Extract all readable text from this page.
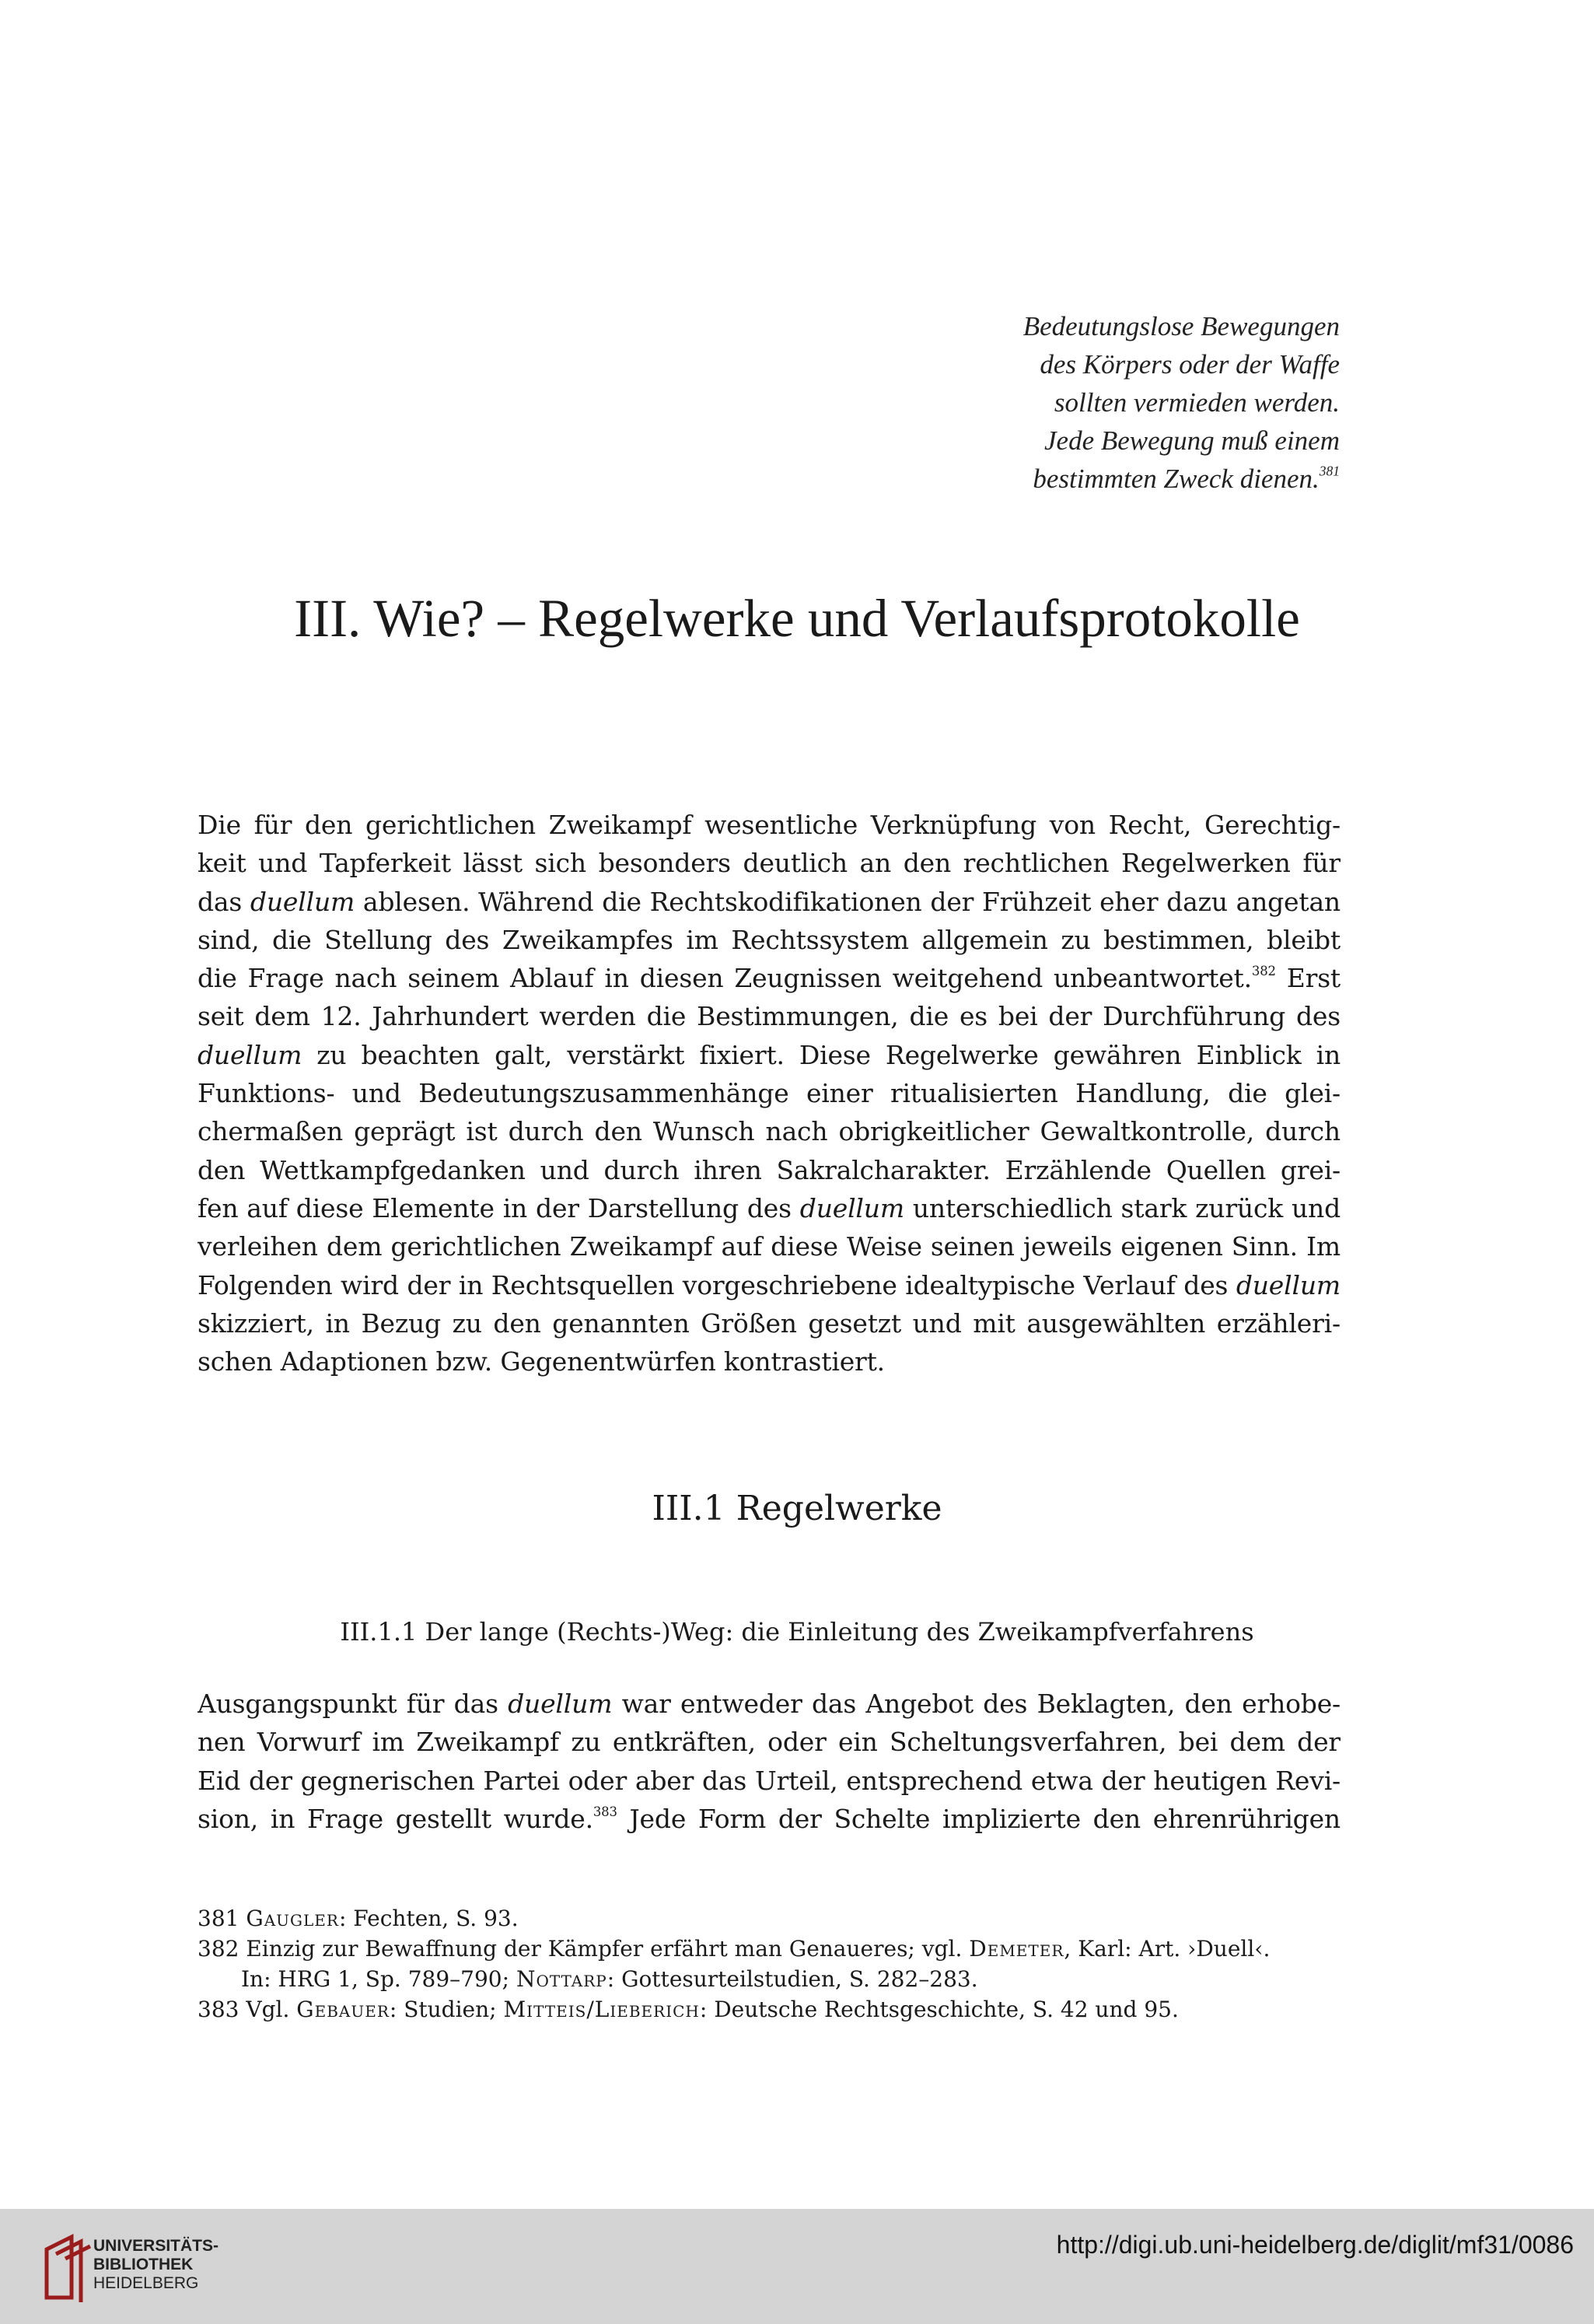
Bedeutungslose Bewegungen
des Körpers oder der Waffe
sollten vermieden werden.
Jede Bewegung muß einem
bestimmten Zweck dienen.$^{381}$
III. Wie? – Regelwerke und Verlaufsprotokolle
Die für den gerichtlichen Zweikampf wesentliche Verknüpfung von Recht, Gerechtig-
keit und Tapferkeit lässt sich besonders deutlich an den rechtlichen Regelwerken für
das duellum ablesen. Während die Rechtskodifikationen der Frühzeit eher dazu angetan
sind, die Stellung des Zweikampfes im Rechtssystem allgemein zu bestimmen, bleibt
die Frage nach seinem Ablauf in diesen Zeugnissen weitgehend unbeantwortet.$^{382}$ Erst
seit dem 12. Jahrhundert werden die Bestimmungen, die es bei der Durchführung des
duellum zu beachten galt, verstärkt fixiert. Diese Regelwerke gewähren Einblick in
Funktions- und Bedeutungszusammenhänge einer ritualisierten Handlung, die glei-
chermaßen geprägt ist durch den Wunsch nach obrigkeitlicher Gewaltkontrolle, durch
den Wettkampfgedanken und durch ihren Sakralcharakter. Erzählende Quellen grei-
fen auf diese Elemente in der Darstellung des duellum unterschiedlich stark zurück und
verleihen dem gerichtlichen Zweikampf auf diese Weise seinen jeweils eigenen Sinn. Im
Folgenden wird der in Rechtsquellen vorgeschriebene idealtypische Verlauf des duellum
skizziert, in Bezug zu den genannten Größen gesetzt und mit ausgewählten erzähleri-
schen Adaptionen bzw. Gegenentwürfen kontrastiert.
III.1 Regelwerke
III.1.1 Der lange (Rechts-)Weg: die Einleitung des Zweikampfverfahrens
Ausgangspunkt für das duellum war entweder das Angebot des Beklagten, den erhobe-
nen Vorwurf im Zweikampf zu entkräften, oder ein Scheltungsverfahren, bei dem der
Eid der gegnerischen Partei oder aber das Urteil, entsprechend etwa der heutigen Revi-
sion, in Frage gestellt wurde.$^{383}$ Jede Form der Schelte implizierte den ehrenrührigen
381 Gaugler: Fechten, S. 93.
382 Einzig zur Bewaffnung der Kämpfer erfährt man Genaueres; vgl. Demeter, Karl: Art. ›Duell‹.
In: HRG 1, Sp. 789–790; Nottarp: Gottesurteilstudien, S. 282–283.
383 Vgl. Gebauer: Studien; Mitteis/Lieberich: Deutsche Rechtsgeschichte, S. 42 und 95.
UNIVERSITÄTS-
BIBLIOTHEK
HEIDELBERG
http://digi.ub.uni-heidelberg.de/diglit/mf31/0086
